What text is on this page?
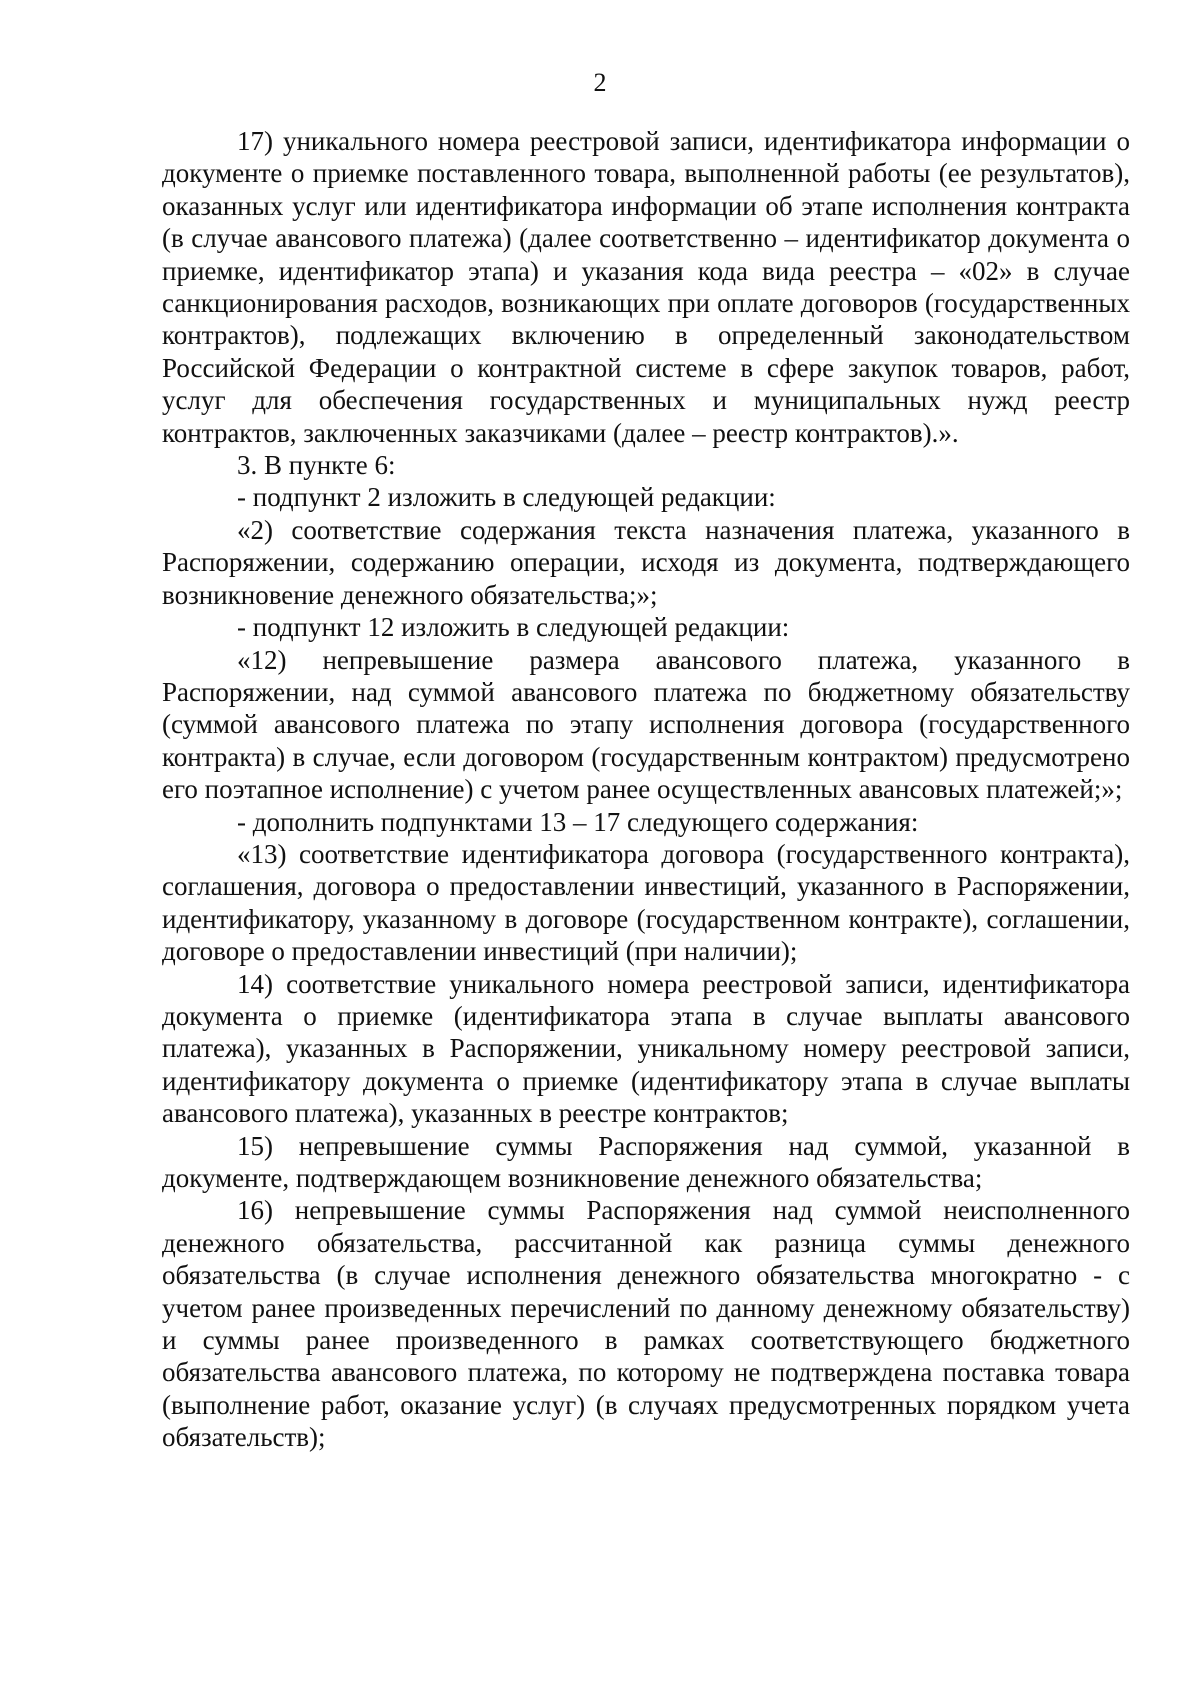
2

17) уникального номера реестровой записи, идентификатора информации о документе о приемке поставленного товара, выполненной работы (ее результатов), оказанных услуг или идентификатора информации об этапе исполнения контракта (в случае авансового платежа) (далее соответственно – идентификатор документа о приемке, идентификатор этапа) и указания кода вида реестра – «02» в случае санкционирования расходов, возникающих при оплате договоров (государственных контрактов), подлежащих включению в определенный законодательством Российской Федерации о контрактной системе в сфере закупок товаров, работ, услуг для обеспечения государственных и муниципальных нужд реестр контрактов, заключенных заказчиками (далее – реестр контрактов).».

3. В пункте 6:

- подпункт 2 изложить в следующей редакции:

«2) соответствие содержания текста назначения платежа, указанного в Распоряжении, содержанию операции, исходя из документа, подтверждающего возникновение денежного обязательства;»;

- подпункт 12 изложить в следующей редакции:

«12) непревышение размера авансового платежа, указанного в Распоряжении, над суммой авансового платежа по бюджетному обязательству (суммой авансового платежа по этапу исполнения договора (государственного контракта) в случае, если договором (государственным контрактом) предусмотрено его поэтапное исполнение) с учетом ранее осуществленных авансовых платежей;»;

- дополнить подпунктами 13 – 17 следующего содержания:

«13) соответствие идентификатора договора (государственного контракта), соглашения, договора о предоставлении инвестиций, указанного в Распоряжении, идентификатору, указанному в договоре (государственном контракте), соглашении, договоре о предоставлении инвестиций (при наличии);

14) соответствие уникального номера реестровой записи, идентификатора документа о приемке (идентификатора этапа в случае выплаты авансового платежа), указанных в Распоряжении, уникальному номеру реестровой записи, идентификатору документа о приемке (идентификатору этапа в случае выплаты авансового платежа), указанных в реестре контрактов;

15) непревышение суммы Распоряжения над суммой, указанной в документе, подтверждающем возникновение денежного обязательства;

16) непревышение суммы Распоряжения над суммой неисполненного денежного обязательства, рассчитанной как разница суммы денежного обязательства (в случае исполнения денежного обязательства многократно - с учетом ранее произведенных перечислений по данному денежному обязательству) и суммы ранее произведенного в рамках соответствующего бюджетного обязательства авансового платежа, по которому не подтверждена поставка товара (выполнение работ, оказание услуг) (в случаях предусмотренных порядком учета обязательств);
